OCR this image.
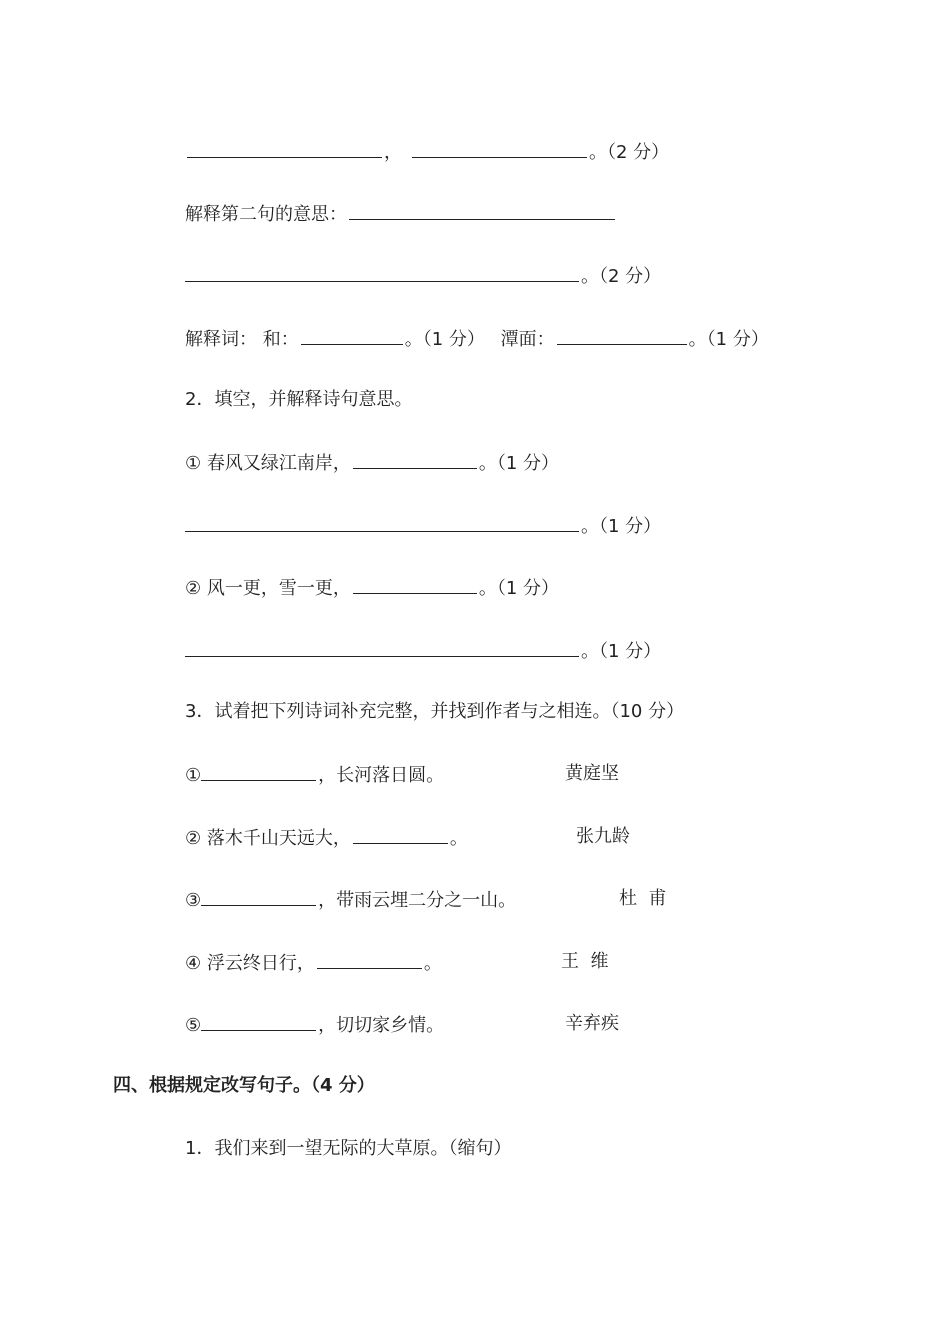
，	。（2 分）
解释第二句的意思：
。（2 分）
解释词： 和：	。（1 分） 潭面：	。（1 分）
2．填空，并解释诗句意思。
① 春风又绿江南岸，	。（1 分）
。（1 分）
② 风一更，雪一更，	。（1 分）
。（1 分）
3．试着把下列诗词补充完整，并找到作者与之相连。（10 分）
①	，长河落日圆。	黄庭坚
② 落木千山天远大，	。	张九龄
③	，带雨云埋二分之一山。	杜  甫
④ 浮云终日行，	。	王  维
⑤	，切切家乡情。	辛弃疾
四、根据规定改写句子。（4 分）
1．我们来到一望无际的大草原。（缩句）
